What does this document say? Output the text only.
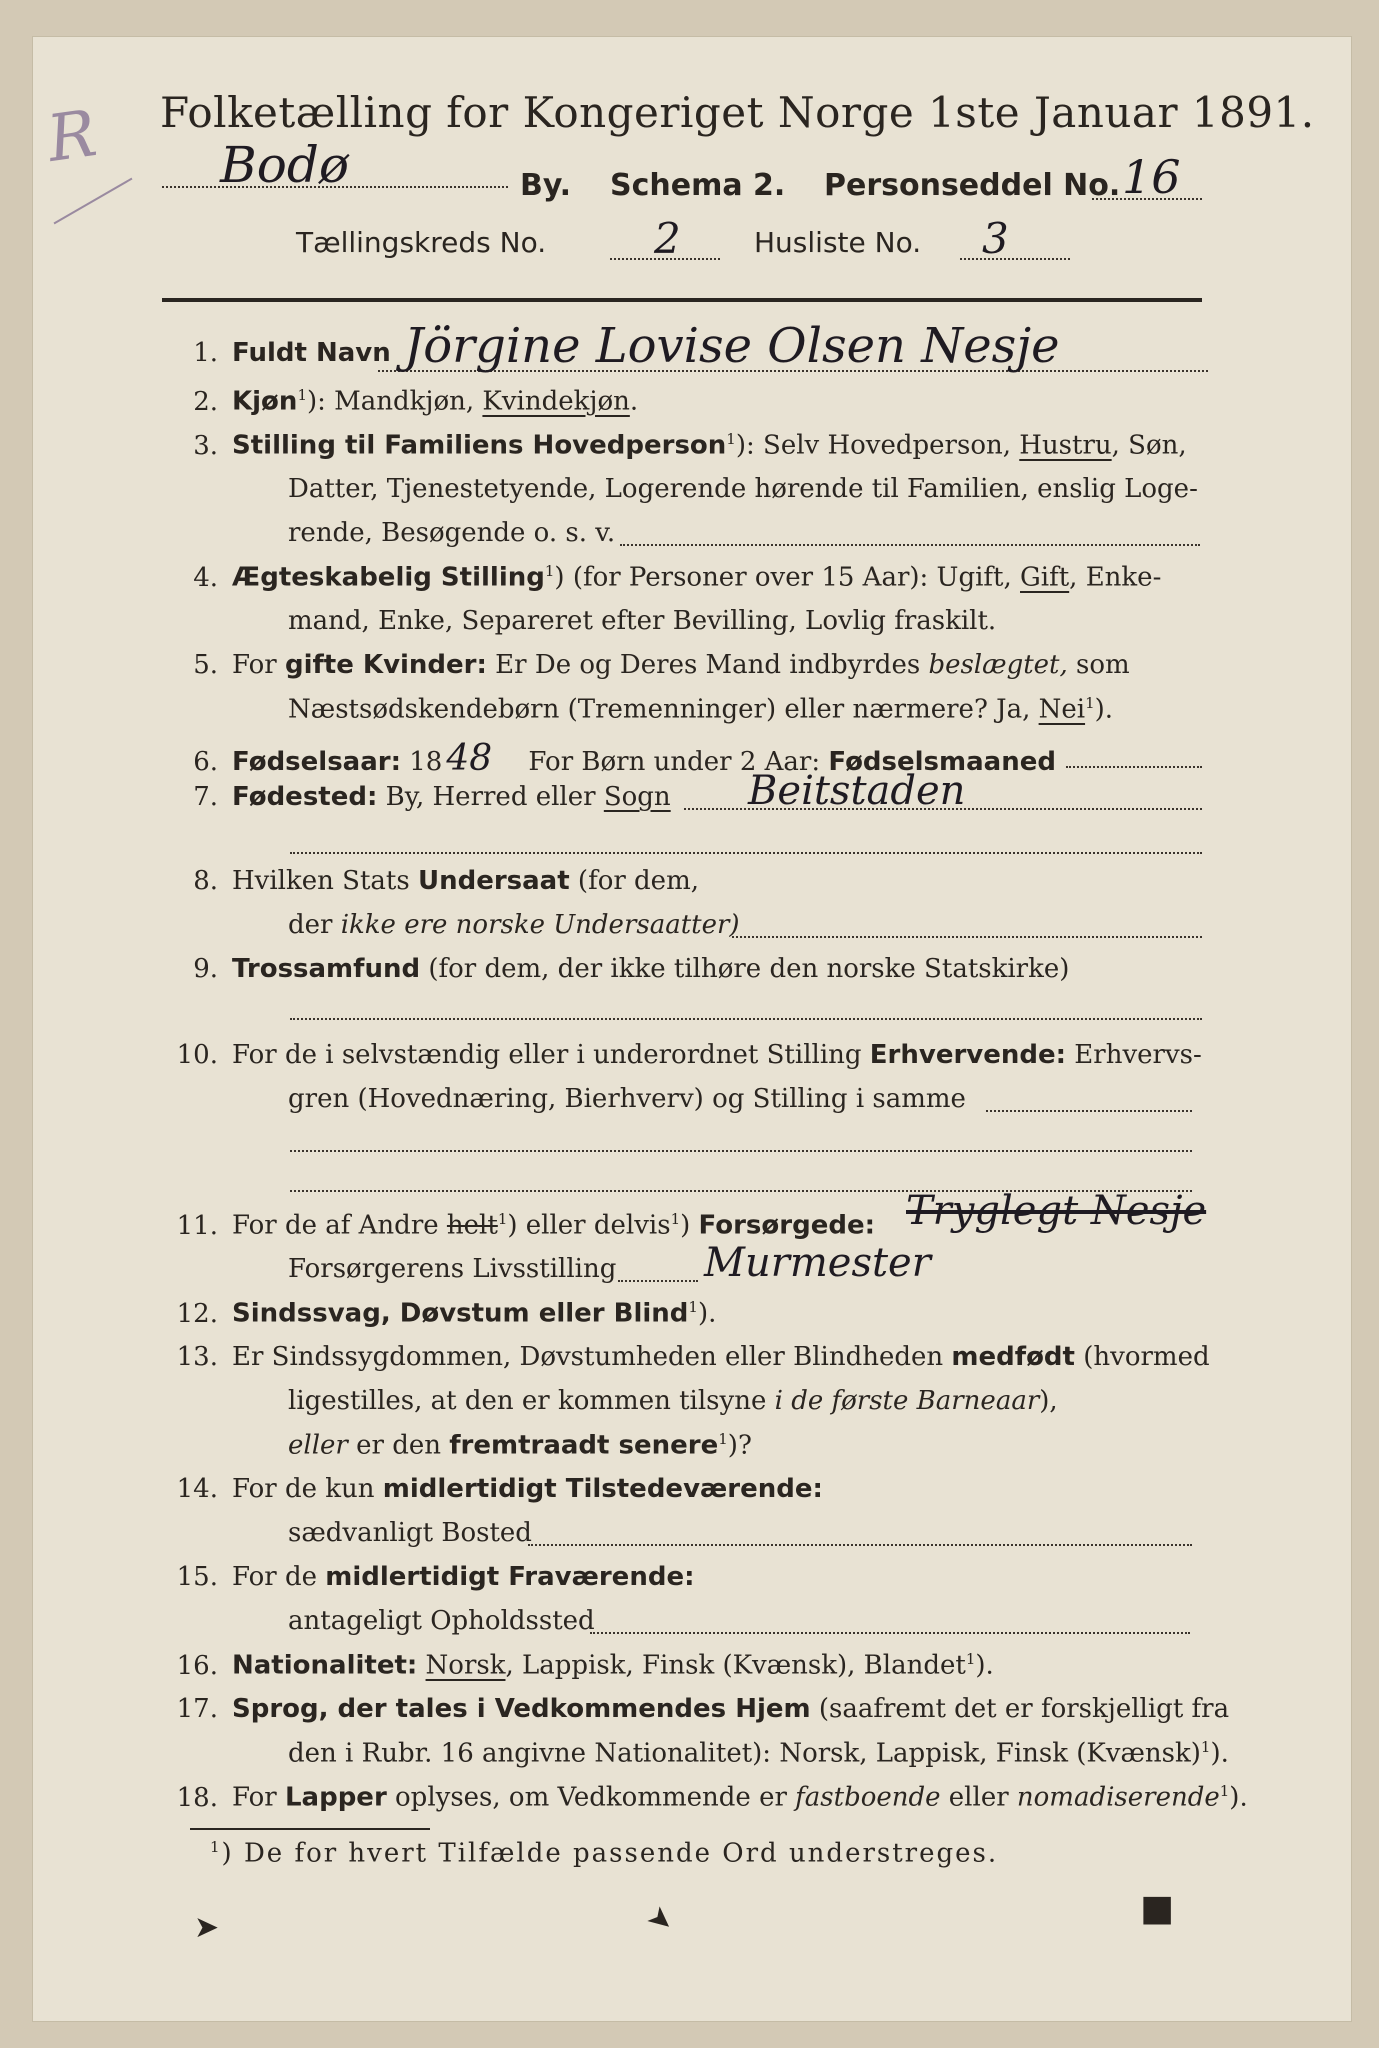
R Folketælling for Kongeriget Norge 1ste Januar 1891.
Bodø	By. Schema 2. Personseddel No. 16
Tællingskreds No.	2	Husliste No. 3
1. Fuldt Navn Jörgine Lovise Olsen Nesje
2. Kjøn$^1$): Mandkjøn, Kvindekjøn.
3. Stilling til Familiens Hovedperson$^1$): Selv Hovedperson, Hustru, Søn,
Datter, Tjenestetyende, Logerende hørende til Familien, enslig Loge-
rende, Besøgende o. s. v.
4. Ægteskabelig Stilling$^1$) (for Personer over 15 Aar): Ugift, Gift, Enke-
mand, Enke, Separeret efter Bevilling, Lovlig fraskilt.
5. For gifte Kvinder: Er De og Deres Mand indbyrdes beslægtet, som
Næstsødskendebørn (Tremenninger) eller nærmere? Ja, Nei$^1$).
6. Fødselsaar: 18 48 For Børn under 2 Aar: Fødselsmaaned
7. Fødested: By, Herred eller Sogn Beitstaden
8. Hvilken Stats Undersaat (for dem,
der ikke ere norske Undersaatter)
9. Trossamfund (for dem, der ikke tilhøre den norske Statskirke)
10. For de i selvstændig eller i underordnet Stilling Erhvervende: Erhvervs-
gren (Hovednæring, Bierhverv) og Stilling i samme
11. For de af Andre helt$^1$) eller delvis$^1$) Forsørgede: Tryglegt Nesje
Forsørgerens Livsstilling Murmester
12. Sindssvag, Døvstum eller Blind$^1$).
13. Er Sindssygdommen, Døvstumheden eller Blindheden medfødt (hvormed
ligestilles, at den er kommen tilsyne i de første Barneaar),
eller er den fremtraadt senere$^1$)?
14. For de kun midlertidigt Tilstedeværende:
sædvanligt Bosted
15. For de midlertidigt Fraværende:
antageligt Opholdssted
16. Nationalitet: Norsk, Lappisk, Finsk (Kvænsk), Blandet$^1$).
17. Sprog, der tales i Vedkommendes Hjem (saafremt det er forskjelligt fra
den i Rubr. 16 angivne Nationalitet): Norsk, Lappisk, Finsk (Kvænsk)$^1$).
18. For Lapper oplyses, om Vedkommende er fastboende eller nomadiserende$^1$).
$^1$) De for hvert Tilfælde passende Ord understreges.
➤	➤	■
